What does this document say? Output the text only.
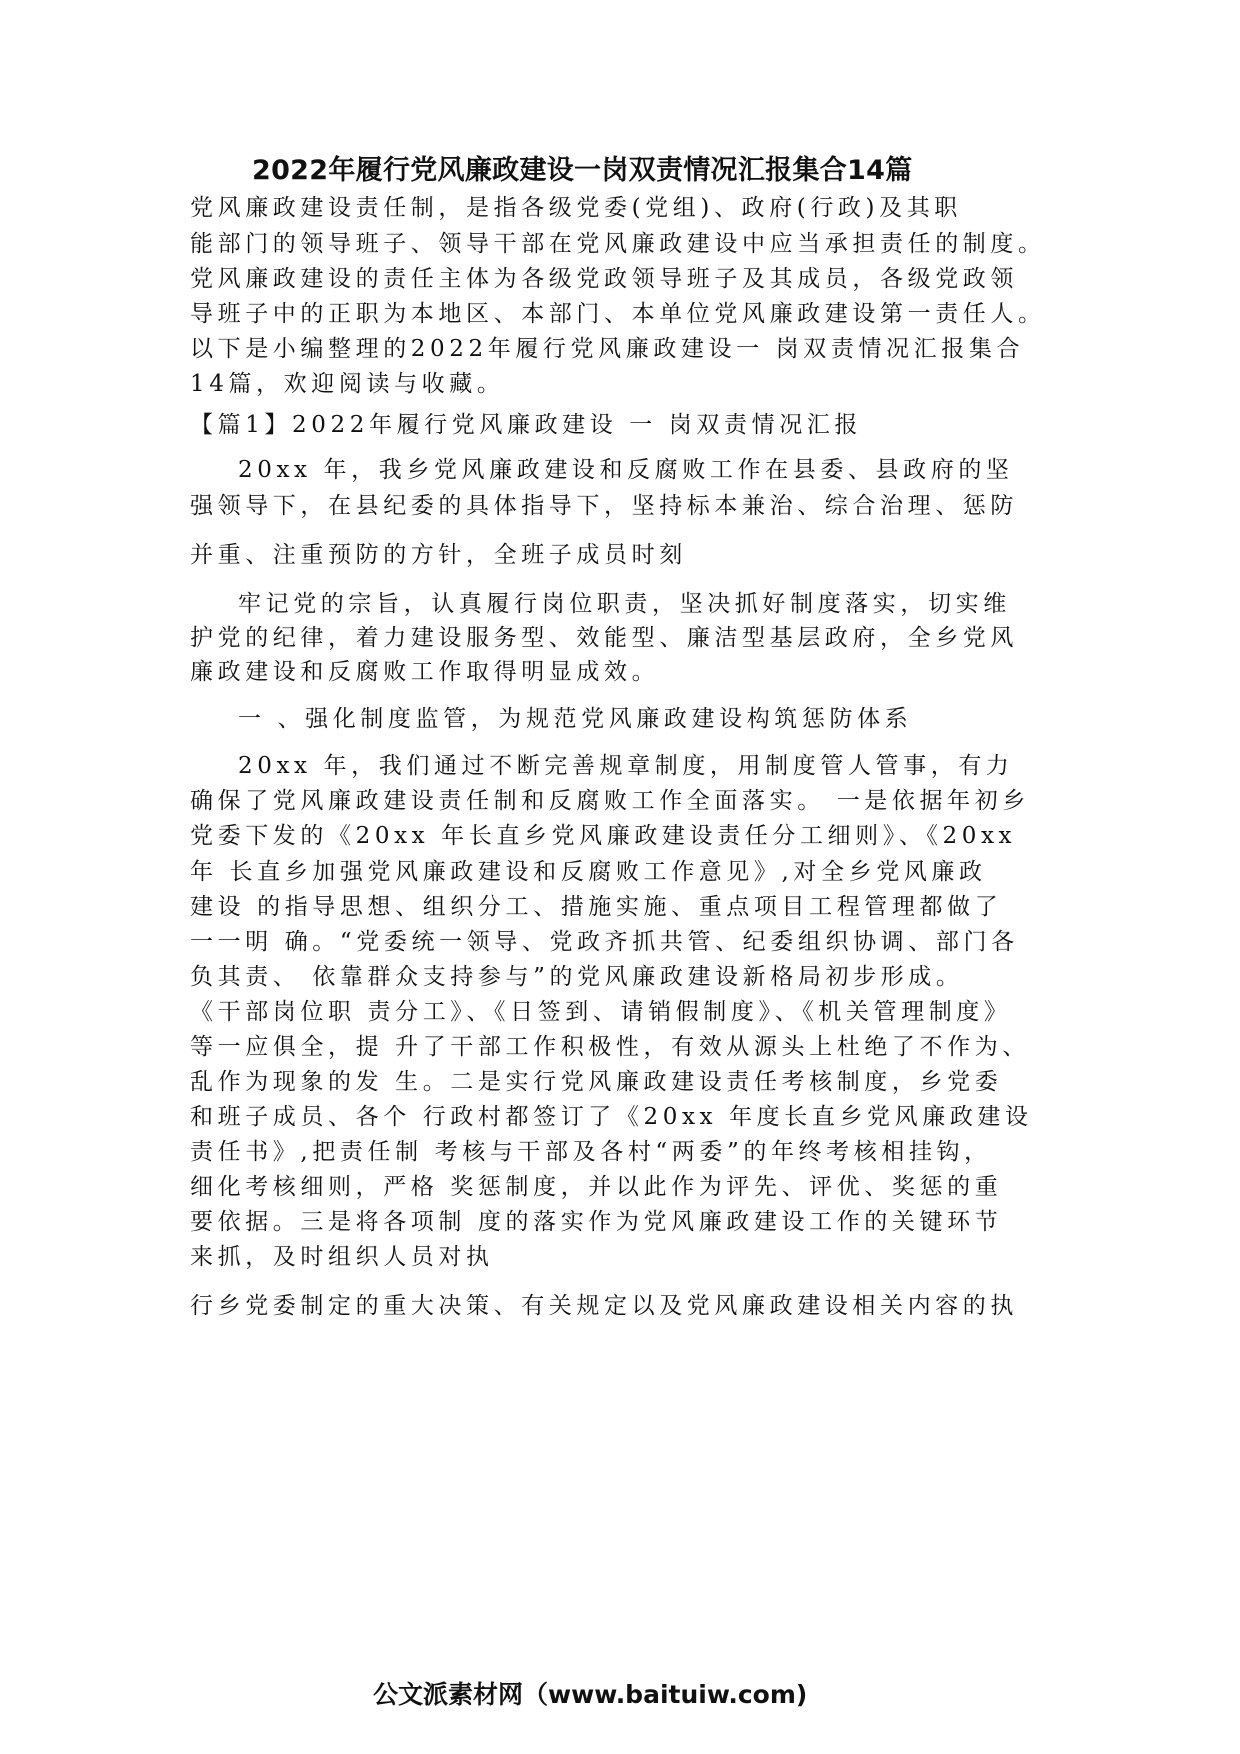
2022年履行党风廉政建设一岗双责情况汇报集合14篇
党风廉政建设责任制，是指各级党委(党组)、政府(行政)及其职
能部门的领导班子、领导干部在党风廉政建设中应当承担责任的制度。
党风廉政建设的责任主体为各级党政领导班子及其成员，各级党政领
导班子中的正职为本地区、本部门、本单位党风廉政建设第一责任人。
以下是小编整理的2022年履行党风廉政建设一 岗双责情况汇报集合
14篇，欢迎阅读与收藏。
【篇1】2022年履行党风廉政建设 一 岗双责情况汇报
20xx 年，我乡党风廉政建设和反腐败工作在县委、县政府的坚
强领导下，在县纪委的具体指导下，坚持标本兼治、综合治理、惩防
并重、注重预防的方针，全班子成员时刻
牢记党的宗旨，认真履行岗位职责，坚决抓好制度落实，切实维
护党的纪律，着力建设服务型、效能型、廉洁型基层政府，全乡党风
廉政建设和反腐败工作取得明显成效。
一 、强化制度监管，为规范党风廉政建设构筑惩防体系
20xx 年，我们通过不断完善规章制度，用制度管人管事，有力
确保了党风廉政建设责任制和反腐败工作全面落实。 一是依据年初乡
党委下发的《20xx 年长直乡党风廉政建设责任分工细则》、《20xx
年 长直乡加强党风廉政建设和反腐败工作意见》,对全乡党风廉政
建设 的指导思想、组织分工、措施实施、重点项目工程管理都做了
一一明 确。“党委统一领导、党政齐抓共管、纪委组织协调、部门各
负其责、 依靠群众支持参与”的党风廉政建设新格局初步形成。
《干部岗位职 责分工》、《日签到、请销假制度》、《机关管理制度》
等一应俱全，提 升了干部工作积极性，有效从源头上杜绝了不作为、
乱作为现象的发 生。二是实行党风廉政建设责任考核制度，乡党委
和班子成员、各个 行政村都签订了《20xx 年度长直乡党风廉政建设
责任书》,把责任制 考核与干部及各村“两委”的年终考核相挂钩，
细化考核细则，严格 奖惩制度，并以此作为评先、评优、奖惩的重
要依据。三是将各项制 度的落实作为党风廉政建设工作的关键环节
来抓，及时组织人员对执
行乡党委制定的重大决策、有关规定以及党风廉政建设相关内容的执
公文派素材网（www.baituiw.com)
